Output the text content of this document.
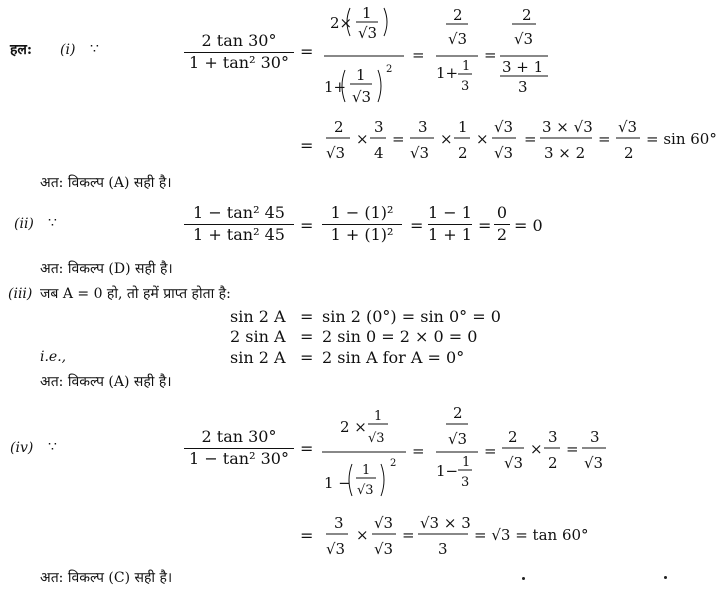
हल: (i) ∵	2 tan 30°
1 + tan² 30°
=
2×
1
√3
1+
1
√3
2
=
2
√3
1+ 1
3
=
2
√3
3 + 1
3
=
2
√3
×
3
4
=
3
√3
×
1
2
×
√3
√3
=
3 × √3
3 × 2
=
√3
2
= sin 60°
अत: विकल्प (A) सही है।
(ii) ∵
1 − tan² 45
1 + tan² 45 =
1 − (1)²
1 + (1)² =
1 − 1
1 + 1 =
0
2 = 0
अत: विकल्प (D) सही है।
(iii) जब A = 0 हो, तो हमें प्राप्त होता है:
sin 2 A = sin 2 (0°) = sin 0° = 0
2 sin A = 2 sin 0 = 2 × 0 = 0
i.e.,	sin 2 A = 2 sin A for A = 0°
अत: विकल्प (A) सही है।
(iv) ∵
2 tan 30°
1 − tan² 30°
=
2 ×
1
√3
1 −
1
√3
2
=
2
√3
1− 1
3
=
2
√3
×
3
2
=
3
√3
3
√3
×
√3
√3
=
√3 × 3
3
= √3 = tan 60°
=
अत: विकल्प (C) सही है।
